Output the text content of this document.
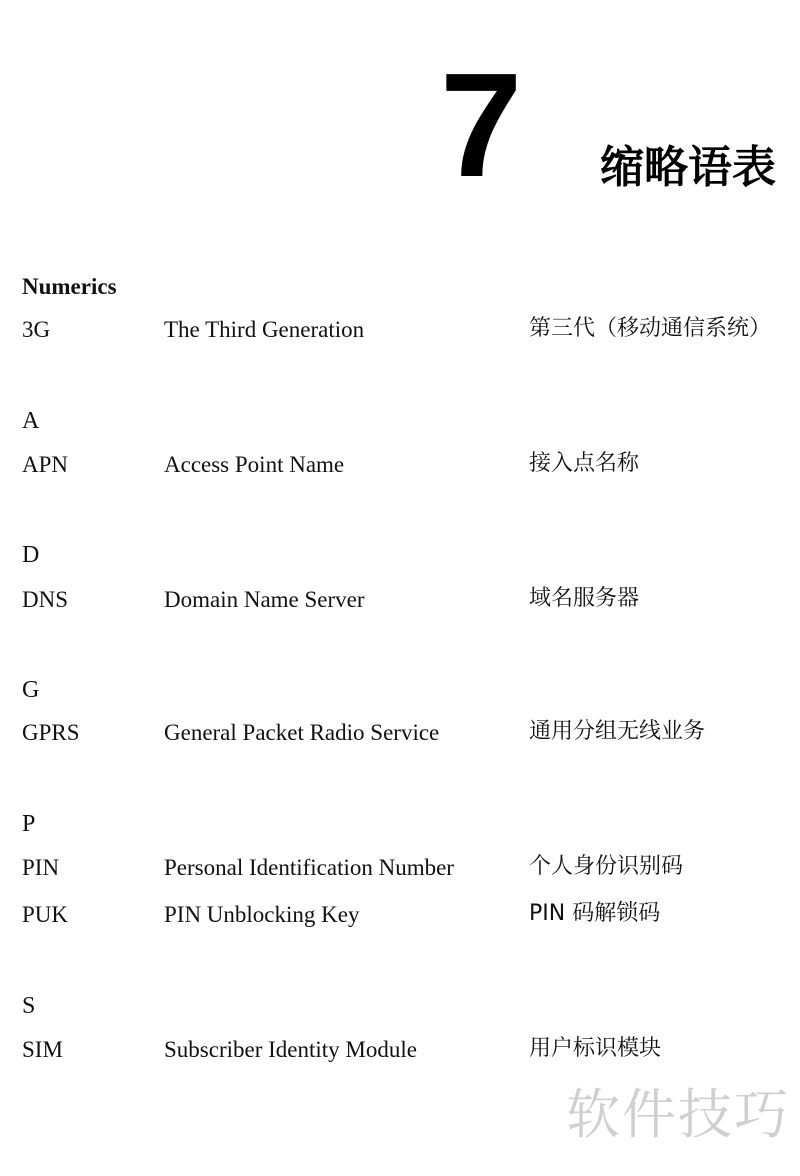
7 缩略语表
Numerics
3G	The Third Generation	第三代（移动通信系统）
A
APN	Access Point Name	接入点名称
D
DNS	Domain Name Server	域名服务器
G
GPRS	General Packet Radio Service	通用分组无线业务
P
PIN	Personal Identification Number	个人身份识别码
PUK	PIN Unblocking Key	PIN 码解锁码
S
SIM	Subscriber Identity Module	用户标识模块
软件技巧
